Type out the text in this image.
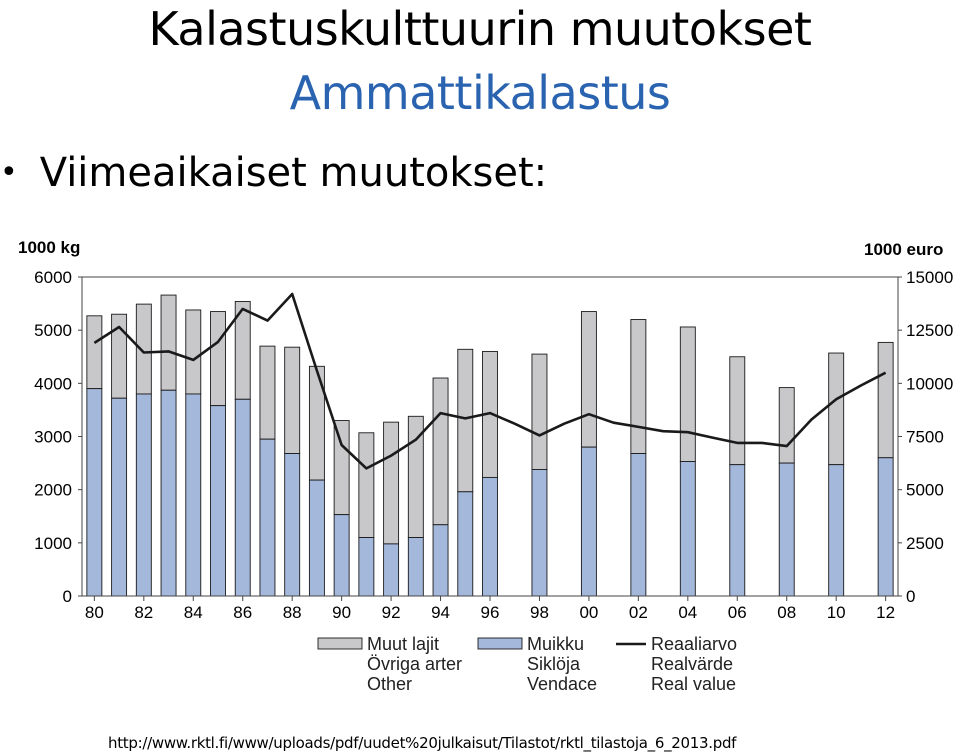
Kalastuskulttuurin muutokset
Ammattikalastus
• Viimeaikaiset muutokset:
1000 kg	1000 euro
0
1000
2000
3000
4000
5000
6000
0
2500
5000
7500
10000
12500
15000
80 82 84 86 88 90 92 94 96 98 00 02 04 06 08 10 12
Muut lajit
Övriga arter
Other
Muikku
Siklöja
Vendace
Reaaliarvo
Realvärde
Real value
http://www.rktl.fi/www/uploads/pdf/uudet%20julkaisut/Tilastot/rktl_tilastoja_6_2013.pdf
